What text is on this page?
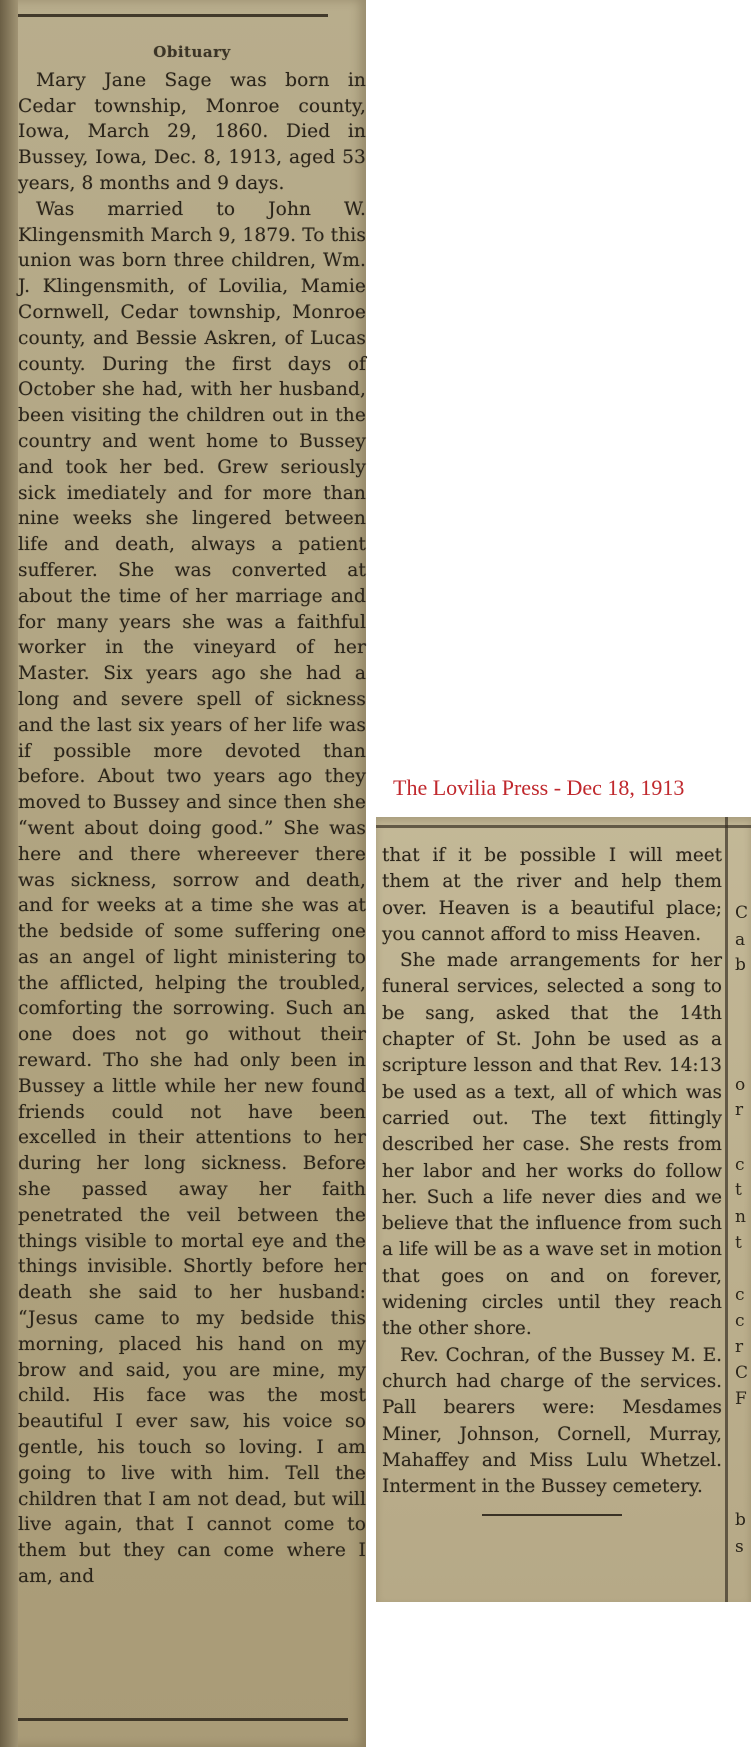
Obituary

Mary Jane Sage was born in Cedar township, Monroe county, Iowa, March 29, 1860. Died in Bussey, Iowa, Dec. 8, 1913, aged 53 years, 8 months and 9 days.

Was married to John W. Klingensmith March 9, 1879. To this union was born three children, Wm. J. Klingensmith, of Lovilia, Mamie Cornwell, Cedar township, Monroe county, and Bessie Askren, of Lucas county. During the first days of October she had, with her husband, been visiting the children out in the country and went home to Bussey and took her bed. Grew seriously sick imediately and for more than nine weeks she lingered between life and death, always a patient sufferer. She was converted at about the time of her marriage and for many years she was a faithful worker in the vineyard of her Master. Six years ago she had a long and severe spell of sickness and the last six years of her life was if possible more devoted than before. About two years ago they moved to Bussey and since then she “went about doing good.” She was here and there whereever there was sickness, sorrow and death, and for weeks at a time she was at the bedside of some suffering one as an angel of light ministering to the afflicted, helping the troubled, comforting the sorrowing. Such an one does not go without their reward. Tho she had only been in Bussey a little while her new found friends could not have been excelled in their attentions to her during her long sickness. Before she passed away her faith penetrated the veil between the things visible to mortal eye and the things invisible. Shortly before her death she said to her husband: “Jesus came to my bedside this morning, placed his hand on my brow and said, you are mine, my child. His face was the most beautiful I ever saw, his voice so gentle, his touch so loving. I am going to live with him. Tell the children that I am not dead, but will live again, that I cannot come to them but they can come where I am, and

The Lovilia Press - Dec 18, 1913

that if it be possible I will meet them at the river and help them over. Heaven is a beautiful place; you cannot afford to miss Heaven.

She made arrangements for her funeral services, selected a song to be sang, asked that the 14th chapter of St. John be used as a scripture lesson and that Rev. 14:13 be used as a text, all of which was carried out. The text fittingly described her case. She rests from her labor and her works do follow her. Such a life never dies and we believe that the influence from such a life will be as a wave set in motion that goes on and on forever, widening circles until they reach the other shore.

Rev. Cochran, of the Bussey M. E. church had charge of the services. Pall bearers were: Mesdames Miner, Johnson, Cornell, Murray, Mahaffey and Miss Lulu Whetzel. Interment in the Bussey cemetery.

C
a
b
o
r
c
t
n
t
c
c
r
C
F
b
s
